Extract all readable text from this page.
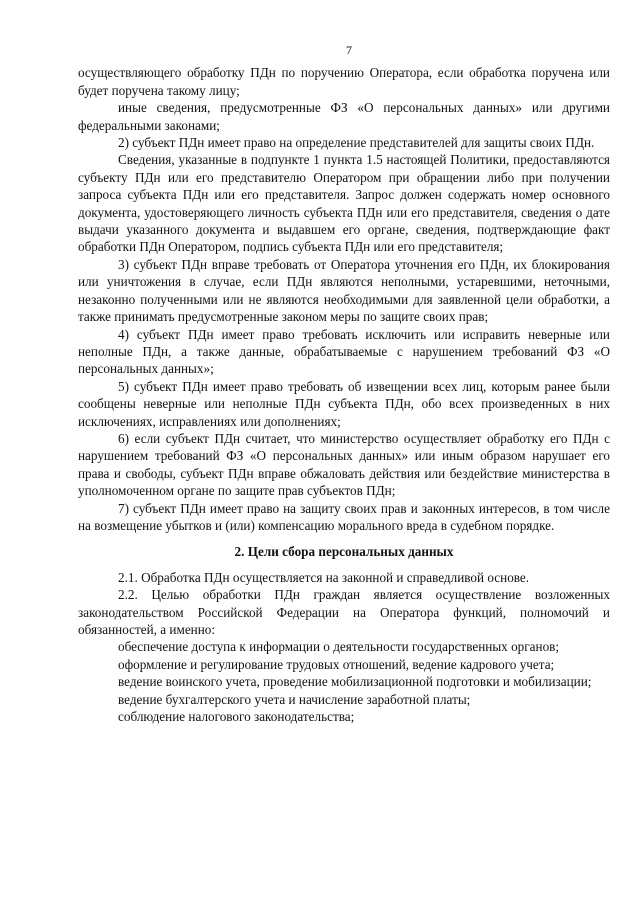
7

осуществляющего обработку ПДн по поручению Оператора, если обработка поручена или будет поручена такому лицу;

иные сведения, предусмотренные ФЗ «О персональных данных» или другими федеральными законами;

2) субъект ПДн имеет право на определение представителей для защиты своих ПДн.

Сведения, указанные в подпункте 1 пункта 1.5 настоящей Политики, предоставляются субъекту ПДн или его представителю Оператором при обращении либо при получении запроса субъекта ПДн или его представителя. Запрос должен содержать номер основного документа, удостоверяющего личность субъекта ПДн или его представителя, сведения о дате выдачи указанного документа и выдавшем его органе, сведения, подтверждающие факт обработки ПДн Оператором, подпись субъекта ПДн или его представителя;

3) субъект ПДн вправе требовать от Оператора уточнения его ПДн, их блокирования или уничтожения в случае, если ПДн являются неполными, устаревшими, неточными, незаконно полученными или не являются необходимыми для заявленной цели обработки, а также принимать предусмотренные законом меры по защите своих прав;

4) субъект ПДн имеет право требовать исключить или исправить неверные или неполные ПДн, а также данные, обрабатываемые с нарушением требований ФЗ «О персональных данных»;

5) субъект ПДн имеет право требовать об извещении всех лиц, которым ранее были сообщены неверные или неполные ПДн субъекта ПДн, обо всех произведенных в них исключениях, исправлениях или дополнениях;

6) если субъект ПДн считает, что министерство осуществляет обработку его ПДн с нарушением требований ФЗ «О персональных данных» или иным образом нарушает его права и свободы, субъект ПДн вправе обжаловать действия или бездействие министерства в уполномоченном органе по защите прав субъектов ПДн;

7) субъект ПДн имеет право на защиту своих прав и законных интересов, в том числе на возмещение убытков и (или) компенсацию морального вреда в судебном порядке.

2. Цели сбора персональных данных

2.1. Обработка ПДн осуществляется на законной и справедливой основе.

2.2. Целью обработки ПДн граждан является осуществление возложенных законодательством Российской Федерации на Оператора функций, полномочий и обязанностей, а именно:

обеспечение доступа к информации о деятельности государственных органов;

оформление и регулирование трудовых отношений, ведение кадрового учета;

ведение воинского учета, проведение мобилизационной подготовки и мобилизации;

ведение бухгалтерского учета и начисление заработной платы;

соблюдение налогового законодательства;
